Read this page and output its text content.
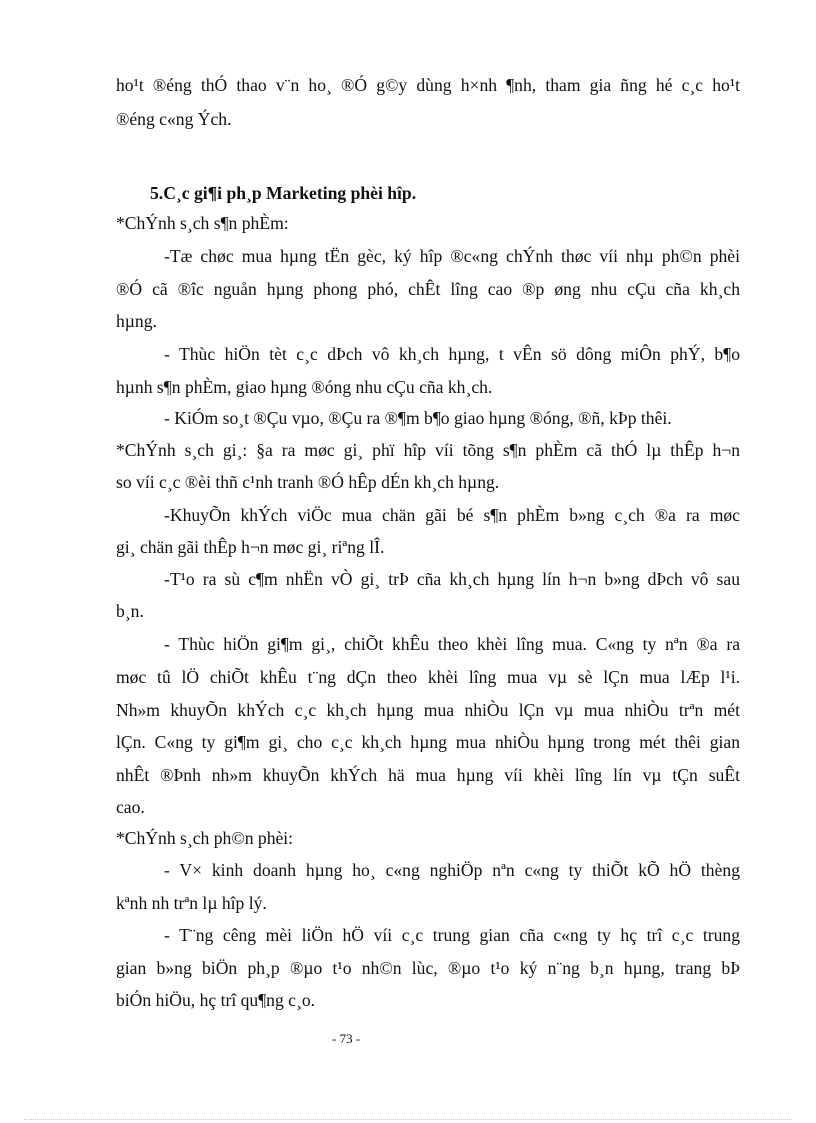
ho¹t ®éng thÓ thao v¨n ho¸ ®Ó g©y dùng h×nh ¶nh, tham gia ñng hé c¸c ho¹t
®éng c«ng Ých.
5.C¸c gi¶i ph¸p Marketing phèi hîp.
*ChÝnh s¸ch s¶n phÈm:
-Tæ chøc mua hµng tËn gèc, ký hîp ®c«ng chÝnh thøc víi nhµ ph©n phèi
®Ó cã ®îc nguån hµng phong phó, chÊt lîng cao ®p øng nhu cÇu cña kh¸ch
hµng.
- Thùc hiÖn tèt c¸c dÞch vô kh¸ch hµng, t vÊn sö dông miÔn phÝ, b¶o
hµnh s¶n phÈm, giao hµng ®óng nhu cÇu cña kh¸ch.
- KiÓm so¸t ®Çu vµo, ®Çu ra ®¶m b¶o giao hµng ®óng, ®ñ, kÞp thêi.
*ChÝnh s¸ch gi¸: §a ra møc gi¸ phï hîp víi tõng s¶n phÈm cã thÓ lµ thÊp h¬n
so víi c¸c ®èi thñ c¹nh tranh ®Ó hÊp dÉn kh¸ch hµng.
-KhuyÕn khÝch viÖc mua chän gãi bé s¶n phÈm b»ng c¸ch ®a ra møc
gi¸ chän gãi thÊp h¬n møc gi¸ riªng lÎ.
-T¹o ra sù c¶m nhËn vÒ gi¸ trÞ cña kh¸ch hµng lín h¬n b»ng dÞch vô sau
b¸n.
- Thùc hiÖn gi¶m gi¸, chiÕt khÊu theo khèi lîng mua. C«ng ty nªn ®a ra
møc tû lÖ chiÕt khÊu t¨ng dÇn theo khèi lîng mua vµ sè lÇn mua lÆp l¹i.
Nh»m khuyÕn khÝch c¸c kh¸ch hµng mua nhiÒu lÇn vµ mua nhiÒu trªn mét
lÇn. C«ng ty gi¶m gi¸ cho c¸c kh¸ch hµng mua nhiÒu hµng trong mét thêi gian
nhÊt ®Þnh nh»m khuyÕn khÝch hä mua hµng víi khèi lîng lín vµ tÇn suÊt
cao.
*ChÝnh s¸ch ph©n phèi:
- V× kinh doanh hµng ho¸ c«ng nghiÖp nªn c«ng ty thiÕt kÕ hÖ thèng
kªnh nh trªn lµ hîp lý.
- T¨ng cêng mèi liÖn hÖ víi c¸c trung gian cña c«ng ty hç trî c¸c trung
gian b»ng biÖn ph¸p ®µo t¹o nh©n lùc, ®µo t¹o ký n¨ng b¸n hµng, trang bÞ
biÓn hiÖu, hç trî qu¶ng c¸o.
- 73 -
